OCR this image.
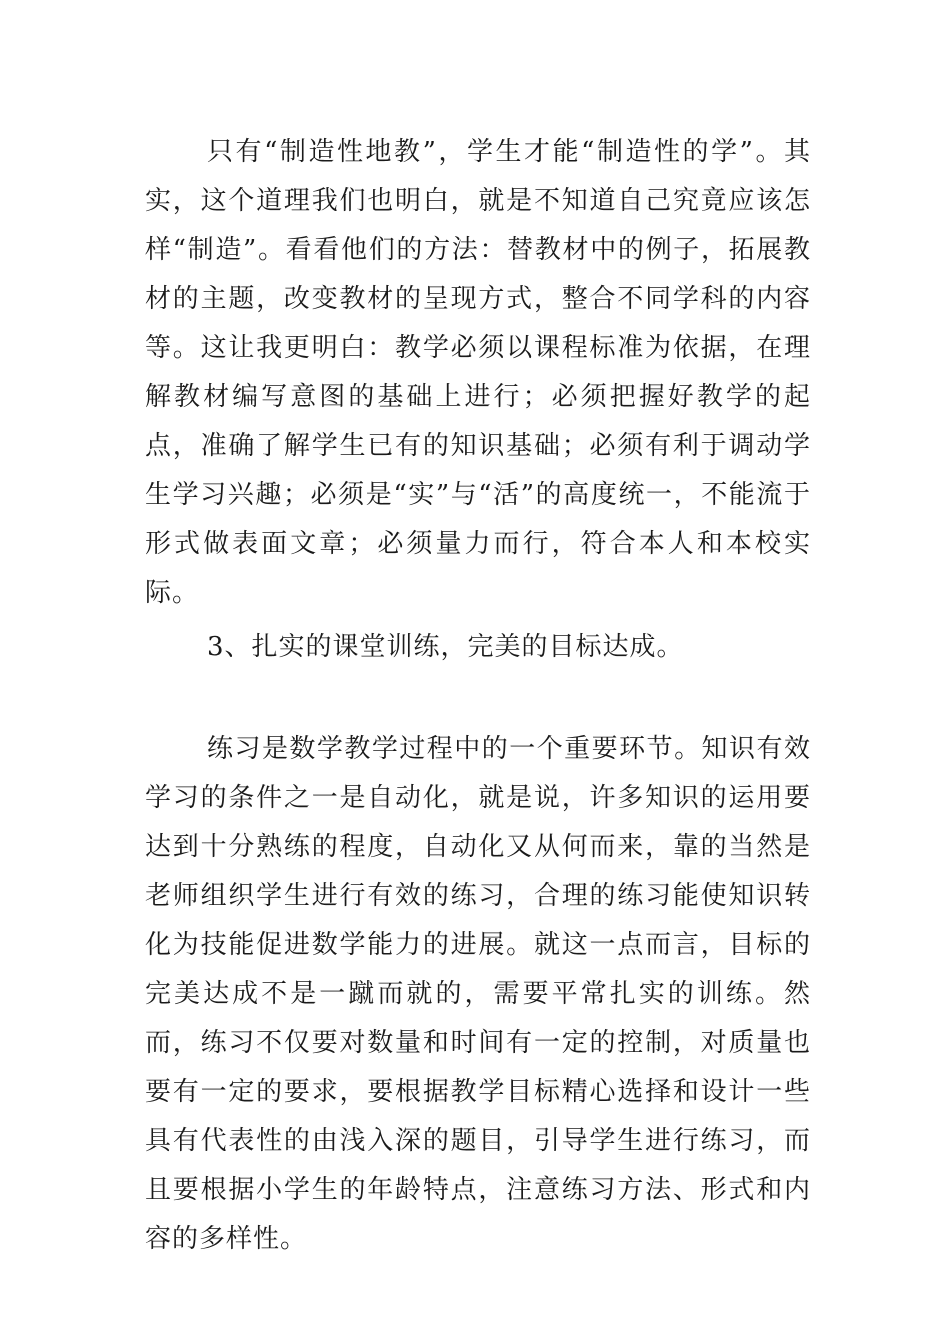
只有“制造性地教”，学生才能“制造性的学”。其实，这个道理我们也明白，就是不知道自己究竟应该怎样“制造”。看看他们的方法：替教材中的例子，拓展教材的主题，改变教材的呈现方式，整合不同学科的内容等。这让我更明白：教学必须以课程标准为依据，在理解教材编写意图的基础上进行；必须把握好教学的起点，准确了解学生已有的知识基础；必须有利于调动学生学习兴趣；必须是“实”与“活”的高度统一，不能流于形式做表面文章；必须量力而行，符合本人和本校实际。

3、扎实的课堂训练，完美的目标达成。

练习是数学教学过程中的一个重要环节。知识有效学习的条件之一是自动化，就是说，许多知识的运用要达到十分熟练的程度，自动化又从何而来，靠的当然是老师组织学生进行有效的练习，合理的练习能使知识转化为技能促进数学能力的进展。就这一点而言，目标的完美达成不是一蹴而就的，需要平常扎实的训练。然而，练习不仅要对数量和时间有一定的控制，对质量也要有一定的要求，要根据教学目标精心选择和设计一些具有代表性的由浅入深的题目，引导学生进行练习，而且要根据小学生的年龄特点，注意练习方法、形式和内容的多样性。
